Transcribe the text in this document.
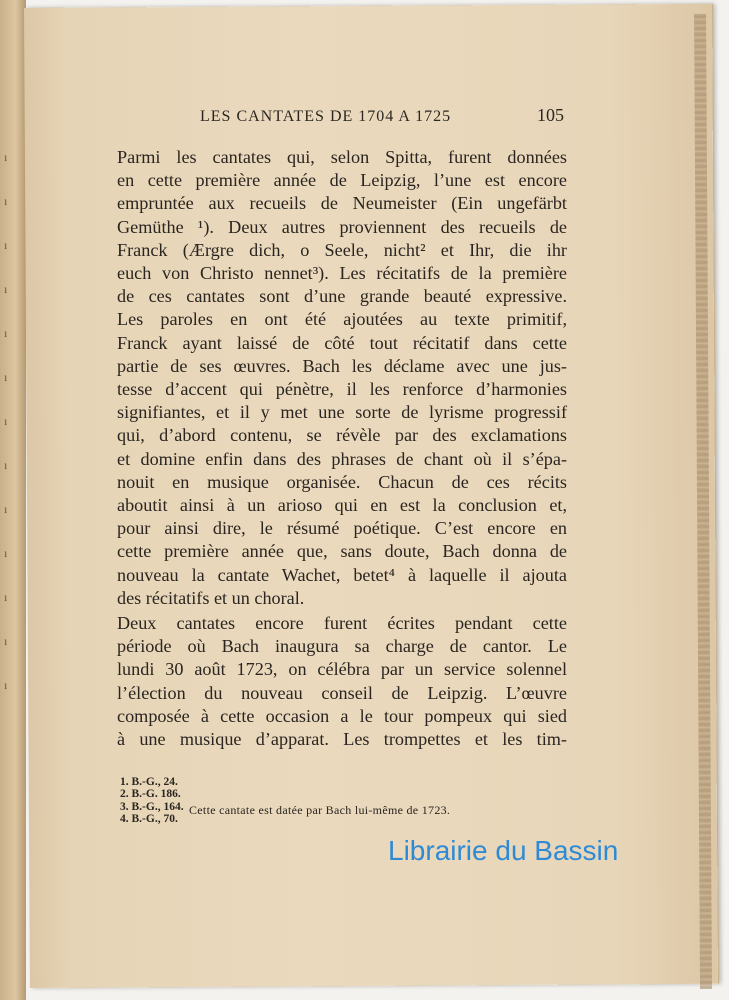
ı
ı
ı
ı
ı
ı
ı
ı
ı
ı
ı
ı
ı
LES CANTATES DE 1704 A 1725	105

Parmi les cantates qui, selon Spitta, furent données
en cette première année de Leipzig, l’une est encore
empruntée aux recueils de Neumeister (Ein ungefärbt
Gemüthe ¹). Deux autres proviennent des recueils de
Franck (Ærgre dich, o Seele, nicht² et Ihr, die ihr
euch von Christo nennet³). Les récitatifs de la première
de ces cantates sont d’une grande beauté expressive.
Les paroles en ont été ajoutées au texte primitif,
Franck ayant laissé de côté tout récitatif dans cette
partie de ses œuvres. Bach les déclame avec une jus-
tesse d’accent qui pénètre, il les renforce d’harmonies
signifiantes, et il y met une sorte de lyrisme progressif
qui, d’abord contenu, se révèle par des exclamations
et domine enfin dans des phrases de chant où il s’épa-
nouit en musique organisée. Chacun de ces récits
aboutit ainsi à un arioso qui en est la conclusion et,
pour ainsi dire, le résumé poétique. C’est encore en
cette première année que, sans doute, Bach donna de
nouveau la cantate Wachet, betet⁴ à laquelle il ajouta
des récitatifs et un choral.

Deux cantates encore furent écrites pendant cette
période où Bach inaugura sa charge de cantor. Le
lundi 30 août 1723, on célébra par un service solennel
l’élection du nouveau conseil de Leipzig. L’œuvre
composée à cette occasion a le tour pompeux qui sied
à une musique d’apparat. Les trompettes et les tim-

1. B.-G., 24.
2. B.-G. 186.
3. B.-G., 164.
4. B.-G., 70.
Cette cantate est datée par Bach lui-même de 1723.
Librairie du Bassin
